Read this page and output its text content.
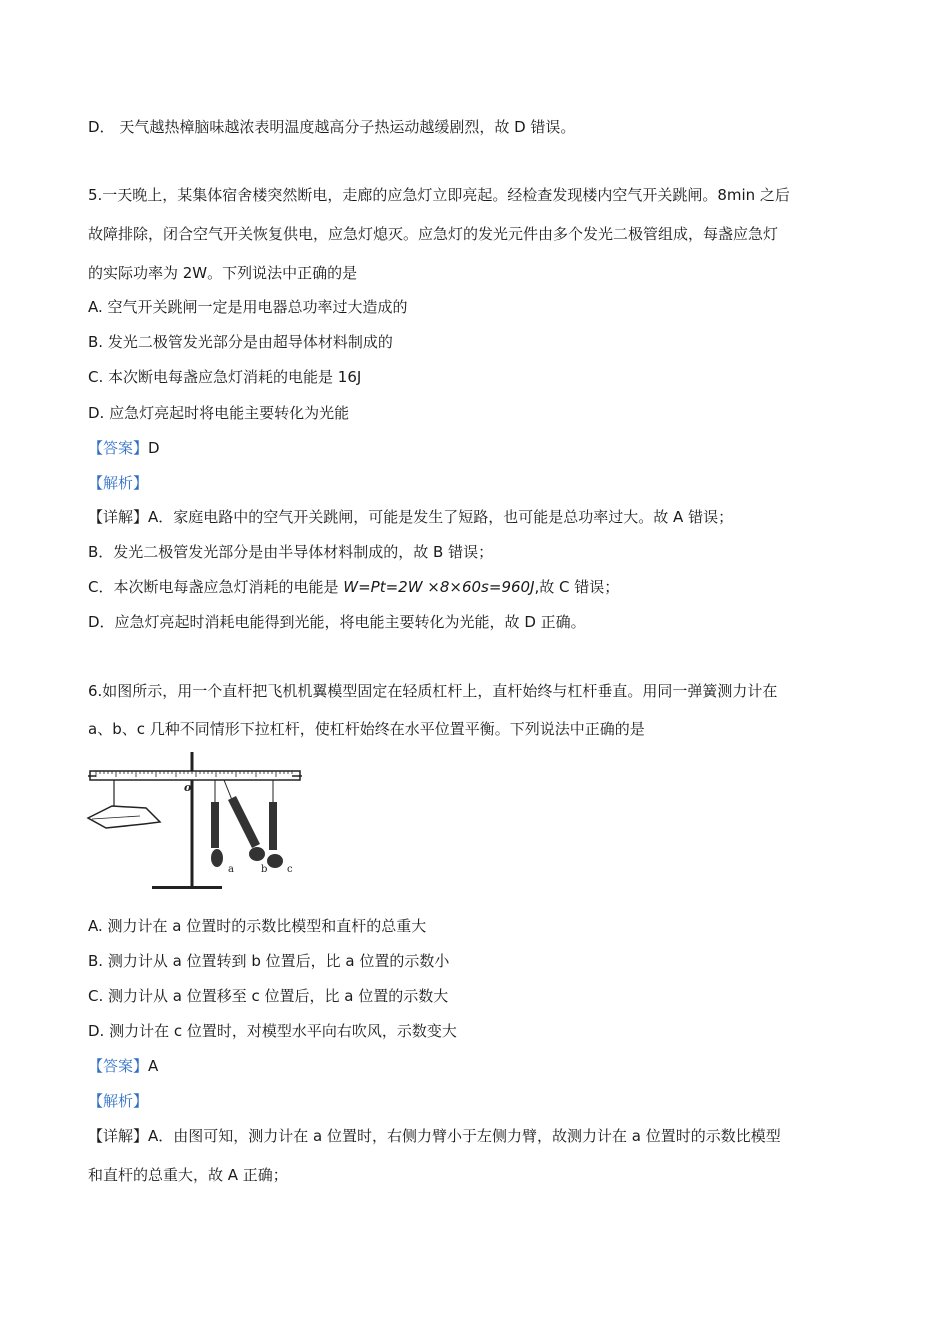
D． 天气越热樟脑味越浓表明温度越高分子热运动越缓剧烈，故 D 错误。
5.一天晚上，某集体宿舍楼突然断电，走廊的应急灯立即亮起。经检查发现楼内空气开关跳闸。8min 之后
故障排除，闭合空气开关恢复供电，应急灯熄灭。应急灯的发光元件由多个发光二极管组成，每盏应急灯
的实际功率为 2W。下列说法中正确的是
A. 空气开关跳闸一定是用电器总功率过大造成的
B. 发光二极管发光部分是由超导体材料制成的
C. 本次断电每盏应急灯消耗的电能是 16J
D. 应急灯亮起时将电能主要转化为光能
【答案】D
【解析】
【详解】A．家庭电路中的空气开关跳闸，可能是发生了短路，也可能是总功率过大。故 A 错误；
B．发光二极管发光部分是由半导体材料制成的，故 B 错误；
C．本次断电每盏应急灯消耗的电能是 W=Pt=2W ×8×60s=960J,故 C 错误；
D．应急灯亮起时消耗电能得到光能，将电能主要转化为光能，故 D 正确。
6.如图所示，用一个直杆把飞机机翼模型固定在轻质杠杆上，直杆始终与杠杆垂直。用同一弹簧测力计在
a、b、c 几种不同情形下拉杠杆，使杠杆始终在水平位置平衡。下列说法中正确的是
o
a	b c
A. 测力计在 a 位置时的示数比模型和直杆的总重大
B. 测力计从 a 位置转到 b 位置后，比 a 位置的示数小
C. 测力计从 a 位置移至 c 位置后，比 a 位置的示数大
D. 测力计在 c 位置时，对模型水平向右吹风，示数变大
【答案】A
【解析】
【详解】A．由图可知，测力计在 a 位置时，右侧力臂小于左侧力臂，故测力计在 a 位置时的示数比模型
和直杆的总重大，故 A 正确；
